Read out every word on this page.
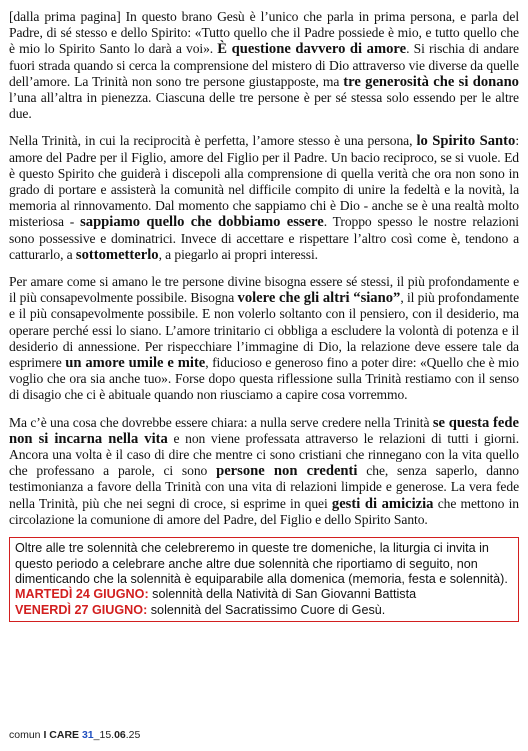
[dalla prima pagina] In questo brano Gesù è l’unico che parla in prima persona, e parla del Padre, di sé stesso e dello Spirito: «Tutto quello che il Padre possiede è mio, e tutto quello che è mio lo Spirito Santo lo darà a voi». È questione davvero di amore. Si rischia di andare fuori strada quando si cerca la comprensione del mistero di Dio attraverso vie diverse da quelle dell’amore. La Trinità non sono tre persone giustapposte, ma tre generosità che si donano l’una all’altra in pienezza. Ciascuna delle tre persone è per sé stessa solo essendo per le altre due.

Nella Trinità, in cui la reciprocità è perfetta, l’amore stesso è una persona, lo Spirito Santo: amore del Padre per il Figlio, amore del Figlio per il Padre. Un bacio reciproco, se si vuole. Ed è questo Spirito che guiderà i discepoli alla comprensione di quella verità che ora non sono in grado di portare e assisterà la comunità nel difficile compito di unire la fedeltà e la novità, la memoria al rinnovamento. Dal momento che sappiamo chi è Dio - anche se è una realtà molto misteriosa - sappiamo quello che dobbiamo essere. Troppo spesso le nostre relazioni sono possessive e dominatrici. Invece di accettare e rispettare l’altro così come è, tendono a catturarlo, a sottometterlo, a piegarlo ai propri interessi.

Per amare come si amano le tre persone divine bisogna essere sé stessi, il più profondamente e il più consapevolmente possibile. Bisogna volere che gli altri “siano”, il più profondamente e il più consapevolmente possibile. E non volerlo soltanto con il pensiero, con il desiderio, ma operare perché essi lo siano. L’amore trinitario ci obbliga a escludere la volontà di potenza e il desiderio di annessione. Per rispecchiare l’immagine di Dio, la relazione deve essere tale da esprimere un amore umile e mite, fiducioso e generoso fino a poter dire: «Quello che è mio voglio che ora sia anche tuo». Forse dopo questa riflessione sulla Trinità restiamo con il senso di disagio che ci è abituale quando non riusciamo a capire cosa vorremmo.

Ma c’è una cosa che dovrebbe essere chiara: a nulla serve credere nella Trinità se questa fede non si incarna nella vita e non viene professata attraverso le relazioni di tutti i giorni. Ancora una volta è il caso di dire che mentre ci sono cristiani che rinnegano con la vita quello che professano a parole, ci sono persone non credenti che, senza saperlo, danno testimonianza a favore della Trinità con una vita di relazioni limpide e generose. La vera fede nella Trinità, più che nei segni di croce, si esprime in quei gesti di amicizia che mettono in circolazione la comunione di amore del Padre, del Figlio e dello Spirito Santo.

Oltre alle tre solennità che celebreremo in queste tre domeniche, la liturgia ci invita in questo periodo a celebrare anche altre due solennità che riportiamo di seguito, non dimenticando che la solennità è equiparabile alla domenica (memoria, festa e solennità).
MARTEDÌ 24 GIUGNO: solennità della Natività di San Giovanni Battista
VENERDÌ 27 GIUGNO: solennità del Sacratissimo Cuore di Gesù.
comun I CARE 31_15.06.25
